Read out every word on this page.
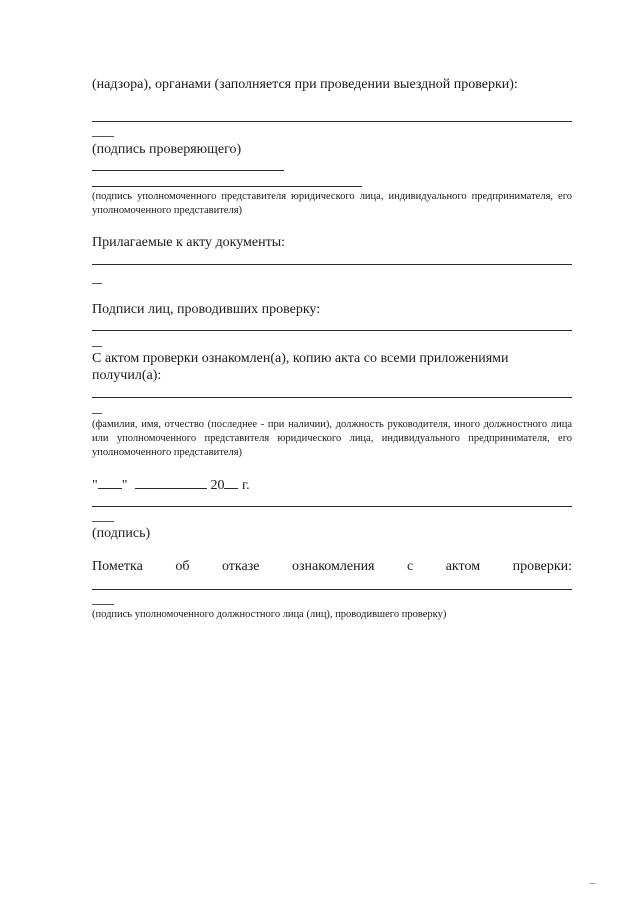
(надзора), органами (заполняется при проведении выездной проверки):
(подпись проверяющего)
(подпись уполномоченного представителя юридического лица, индивидуального предпринимателя, его уполномоченного представителя)
Прилагаемые к акту документы:
Подписи лиц, проводивших проверку:
С актом проверки ознакомлен(а), копию акта со всеми приложениями получил(а):
(фамилия, имя, отчество (последнее - при наличии), должность руководителя, иного должностного лица или уполномоченного представителя юридического лица, индивидуального предпринимателя, его уполномоченного представителя)
" "	20 г.
(подпись)
Пометка об отказе ознакомления с актом проверки:
(подпись уполномоченного должностного лица (лиц), проводившего проверку)
–
